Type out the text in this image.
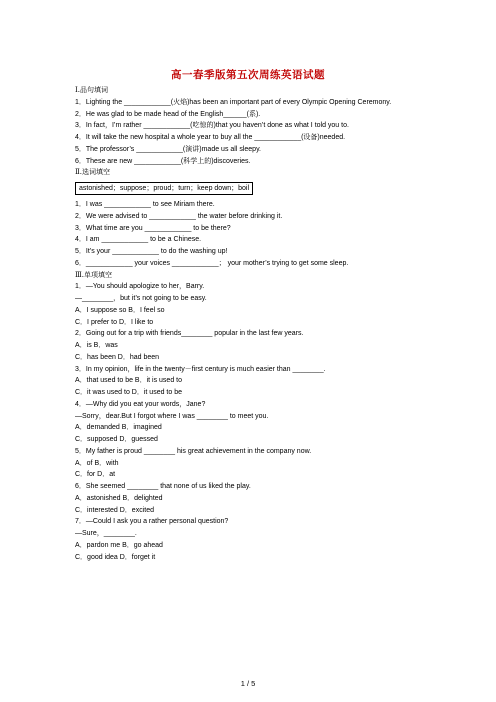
高一春季版第五次周练英语试题
Ⅰ.品句填词
1．Lighting the ____________(火焰)has been an important part of every Olympic Opening Ceremony.
2．He was glad to be made head of the English______(系).
3．In fact，I’m rather ____________(吃惊的)that you haven’t done as what I told you to.
4．It will take the new hospital a whole year to buy all the ____________(设备)needed.
5．The professor’s ____________(演讲)made us all sleepy.
6．These are new ____________(科学上的)discoveries.
Ⅱ.选词填空
astonished；suppose；proud；turn；keep down；boil
1．I was ____________ to see Miriam there.
2．We were advised to ____________ the water before drinking it.
3．What time are you ____________ to be there?
4．I am ____________ to be a Chinese.
5．It’s your ____________ to do the washing up!
6．____________ your voices ____________； your mother’s trying to get some sleep.
Ⅲ.单项填空
1．—You should apologize to her，Barry.
—________，but it’s not going to be easy.
A．I suppose so B．I feel so
C．I prefer to D．I like to
2．Going out for a trip with friends________ popular in the last few years.
A．is B．was
C．has been D．had been
3．In my opinion，life in the twenty－first century is much easier than ________.
A．that used to be B．it is used to
C．it was used to D．it used to be
4．—Why did you eat your words，Jane?
—Sorry，dear.But I forgot where I was ________ to meet you.
A．demanded B．imagined
C．supposed D．guessed
5．My father is proud ________ his great achievement in the company now.
A．of B．with
C．for D．at
6．She seemed ________ that none of us liked the play.
A．astonished B．delighted
C．interested D．excited
7．—Could I ask you a rather personal question?
—Sure，________.
A．pardon me B．go ahead
C．good idea D．forget it
1 / 5
